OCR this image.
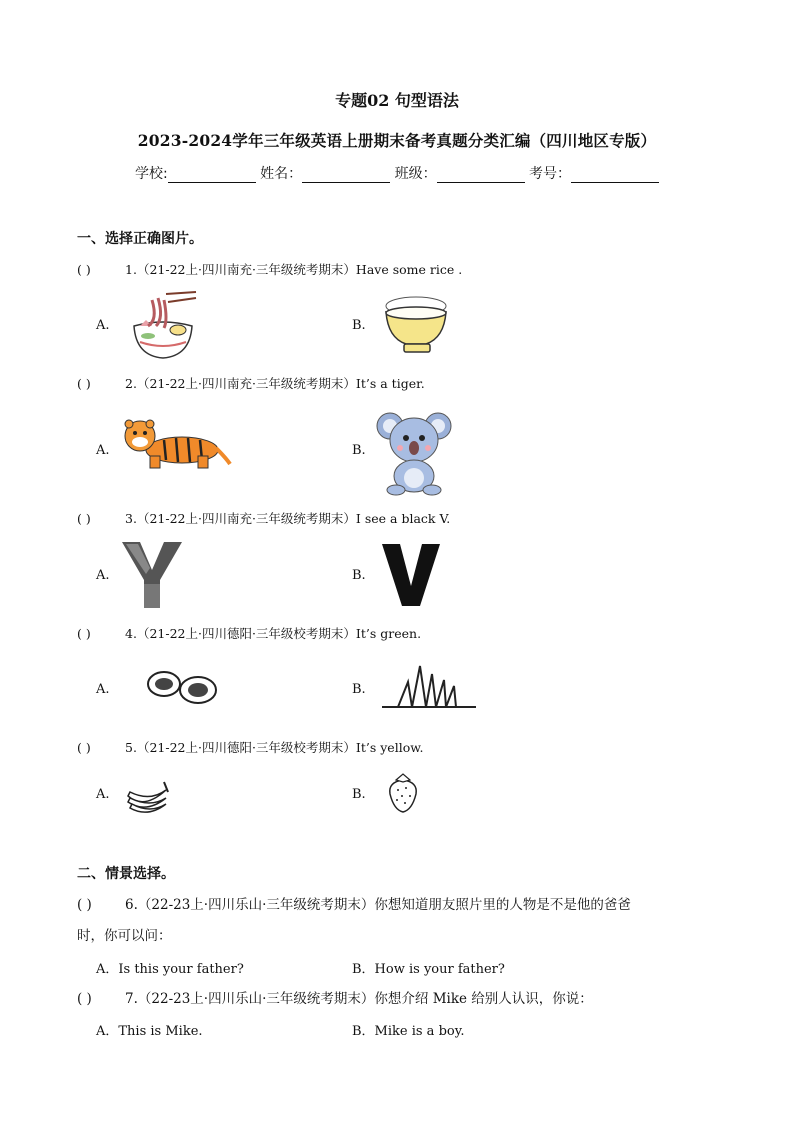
专题02 句型语法
2023-2024学年三年级英语上册期末备考真题分类汇编（四川地区专版）
学校:	姓名：	班级：	考号：
一、选择正确图片。
( )	1.（21-22上·四川南充·三年级统考期末）Have some rice .
A.	B.
( )	2.（21-22上·四川南充·三年级统考期末）It’s a tiger.
A.	B.
( )	3.（21-22上·四川南充·三年级统考期末）I see a black V.
A.	B.
( )	4.（21-22上·四川德阳·三年级校考期末）It’s green.
A.	B.
( )	5.（21-22上·四川德阳·三年级校考期末）It’s yellow.
A.	B.
二、情景选择。
( ) 6.（22-23上·四川乐山·三年级统考期末）你想知道朋友照片里的人物是不是他的爸爸
时，你可以问：
A．Is this your father?	B．How is your father?
( ) 7.（22-23上·四川乐山·三年级统考期末）你想介绍 Mike 给别人认识，你说：
A．This is Mike.	B．Mike is a boy.
